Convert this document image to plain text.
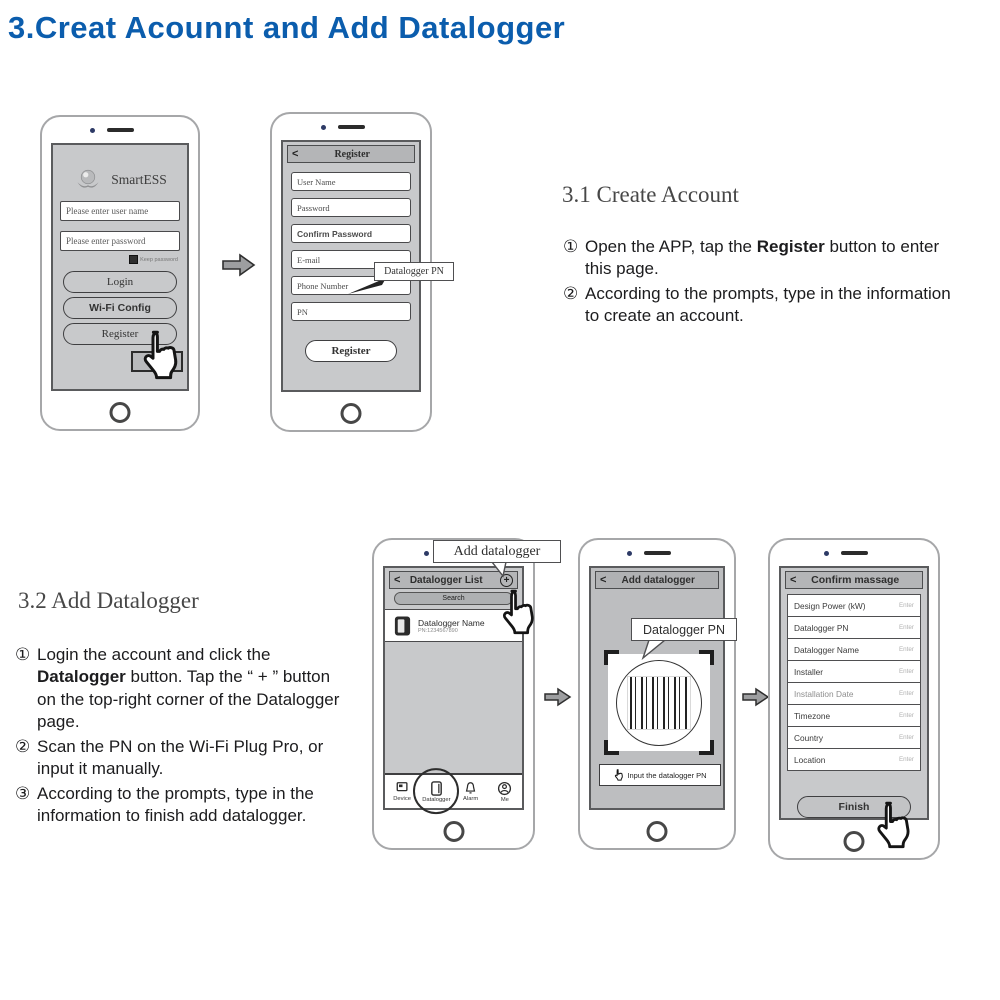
3.Creat Acounnt and Add Datalogger
SmartESS
Please enter user name
Please enter password
Keep password
Login
Wi-Fi Config
Register
<	Register
User Name
Password
Confirm Password
E-mail
Phone Number
PN
Register
Datalogger PN
3.1 Create Account
① Open the APP, tap the Register button to enter this page.
② According to the prompts, type in the information to create an account.
3.2 Add Datalogger
① Login the account and click the Datalogger button. Tap the “ + ” button on the top-right corner of the Datalogger page.
② Scan the PN on the Wi-Fi Plug Pro, or input it manually.
③ According to the prompts, type in the information to finish add datalogger.
< Datalogger List	+
Search
Datalogger Name
PN:1234567890
Device Datalogger Alarm	Me
Add datalogger
<	Add datalogger
Input the datalogger PN
Datalogger PN
<	Confirm massage
Design Power (kW)	Enter
Datalogger PN	Enter
Datalogger Name	Enter
Installer	Enter
Installation Date	Enter
Timezone	Enter
Country	Enter
Location	Enter
Finish
